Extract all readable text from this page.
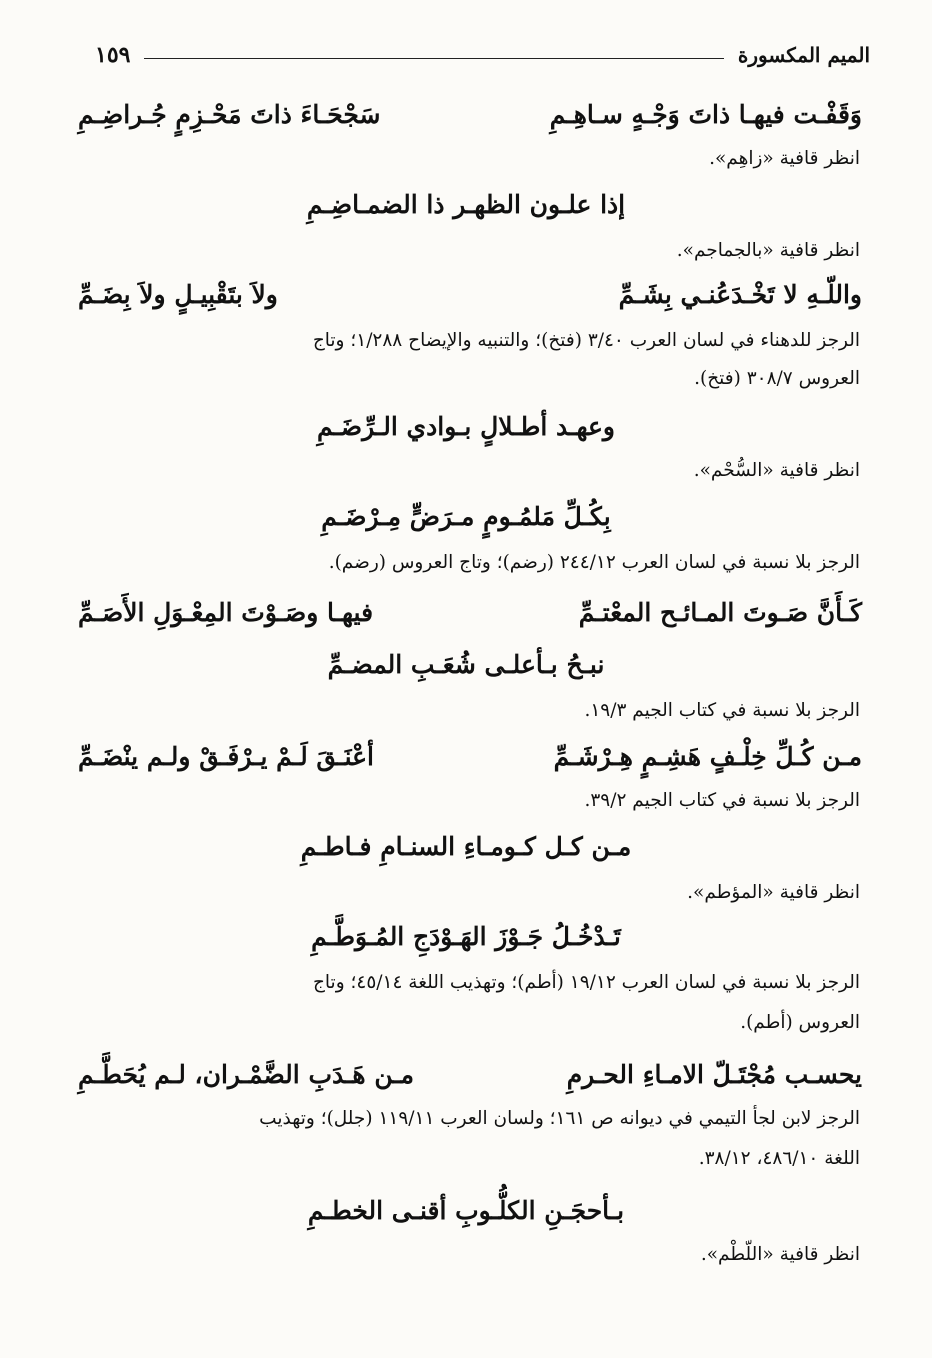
الميم المكسورة
١٥٩
وَقَفْـت فيهـا ذاتَ وَجْـهٍ سـاهِـمِ
سَجْحَـاءَ ذاتَ مَحْـزِمٍ جُـراضِـمِ
انظر قافية «زاهِم».
إذا علـون الظهـر ذا الضمـاضِـمِ
انظر قافية «بالجماجم».
واللّـهِ لا تَخْـدَعُنـي بِشَـمِّ
ولاَ بتَقْبِيـلٍ ولاَ بِضَـمِّ
الرجز للدهناء في لسان العرب ٣/٤٠ (فتخ)؛ والتنبيه والإيضاح ١/٢٨٨؛ وتاج
العروس ٣٠٨/٧ (فتخ).
وعهـد أطـلالٍ بـوادي الـرِّضَـمِ
انظر قافية «السُّحْم».
بِكُـلِّ مَلمُـومٍ مـرَضٍّ مِـرْضَـمِ
الرجز بلا نسبة في لسان العرب ٢٤٤/١٢ (رضم)؛ وتاج العروس (رضم).
كَـأَنَّ صَـوتَ المـائـح المعْتـمِّ
فيهـا وصَـوْتَ المِعْـوَلِ الأَصَـمِّ
نبـحُ بـأعلـى شُعَـبِ المضـمِّ
الرجز بلا نسبة في كتاب الجيم ١٩/٣.
مـن كُـلِّ خِلْـفٍ هَشِـمٍ هِـرْشَـمِّ
أعْنَـقَ لَـمْ يـرْفَـقْ ولـم ينْضَـمِّ
الرجز بلا نسبة في كتاب الجيم ٣٩/٢.
مـن كـل كـومـاءِ السنـامِ فـاطـمِ
انظر قافية «المؤطم».
تَـدْخُـلُ جَـوْزَ الهَـوْدَجِ المُـوَطَّـمِ
الرجز بلا نسبة في لسان العرب ١٩/١٢ (أطم)؛ وتهذيب اللغة ٤٥/١٤؛ وتاج
العروس (أطم).
يحسـب مُجْتَـلّ الامـاءِ الحـرمِ
مـن هَـدَبِ الضَّمْـران، لـم يُحَطَّـمِ
الرجز لابن لجأ التيمي في ديوانه ص ١٦١؛ ولسان العرب ١١٩/١١ (جلل)؛ وتهذيب
اللغة ٤٨٦/١٠، ٣٨/١٢.
بـأحجَـنِ الكلُّـوبِ أقنـى الخطـمِ
انظر قافية «اللّطْم».
